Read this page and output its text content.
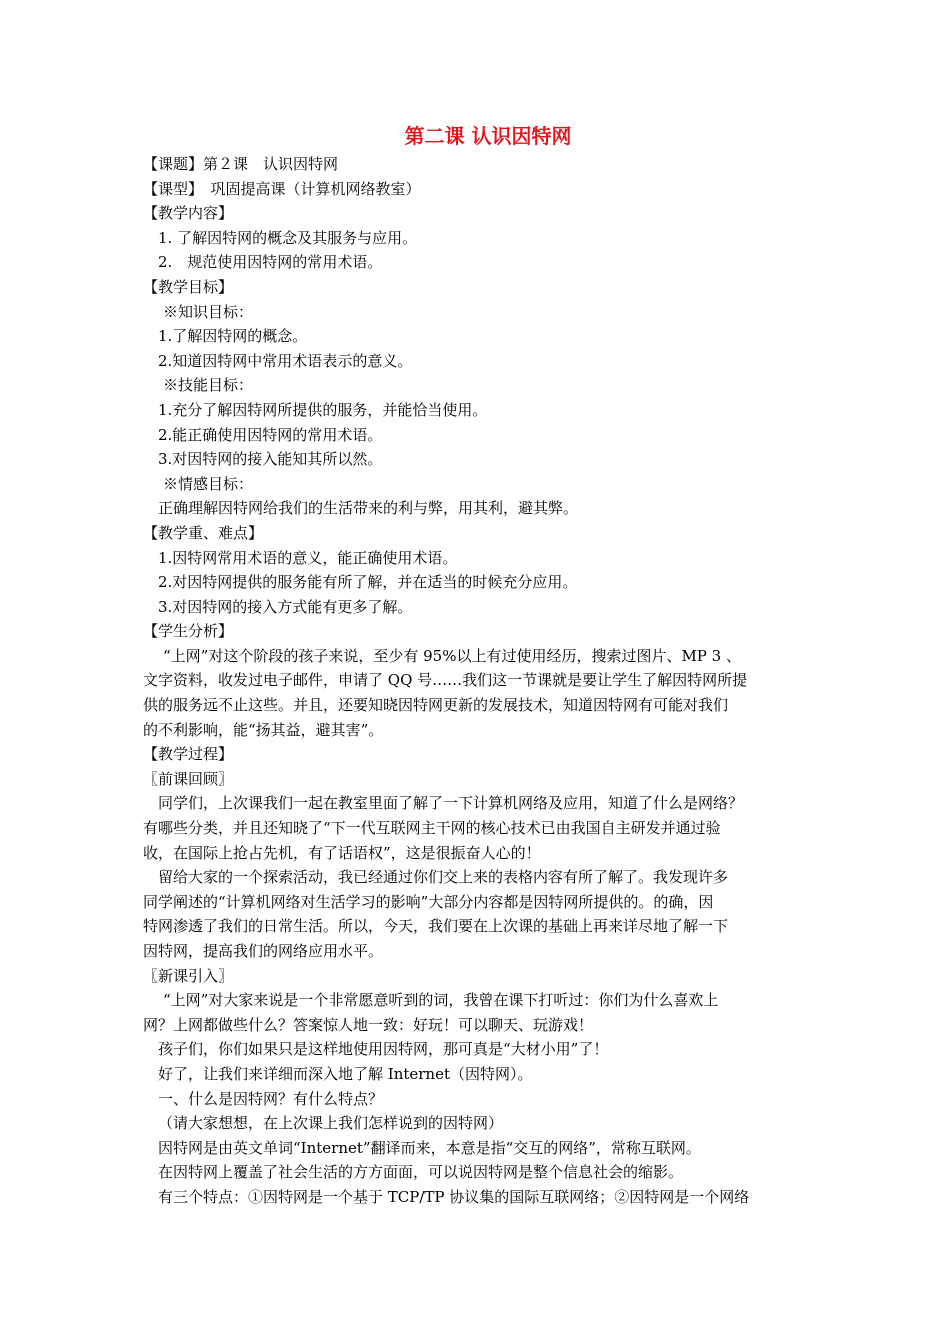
第二课 认识因特网
【课题】第２课　认识因特网
【课型】　巩固提高课（计算机网络教室）
【教学内容】
1. 了解因特网的概念及其服务与应用。
2.　规范使用因特网的常用术语。
【教学目标】
※知识目标：
1.了解因特网的概念。
2.知道因特网中常用术语表示的意义。
※技能目标：
1.充分了解因特网所提供的服务，并能恰当使用。
2.能正确使用因特网的常用术语。
3.对因特网的接入能知其所以然。
※情感目标：
正确理解因特网给我们的生活带来的利与弊，用其利，避其弊。
【教学重、难点】
1.因特网常用术语的意义，能正确使用术语。
2.对因特网提供的服务能有所了解，并在适当的时候充分应用。
3.对因特网的接入方式能有更多了解。
【学生分析】
“上网”对这个阶段的孩子来说，至少有 95%以上有过使用经历，搜索过图片、MP 3 、
文字资料，收发过电子邮件，申请了 QQ 号……我们这一节课就是要让学生了解因特网所提
供的服务远不止这些。并且，还要知晓因特网更新的发展技术，知道因特网有可能对我们
的不利影响，能“扬其益，避其害”。
【教学过程】
〖前课回顾〗
同学们，上次课我们一起在教室里面了解了一下计算机网络及应用，知道了什么是网络？
有哪些分类，并且还知晓了“下一代互联网主干网的核心技术已由我国自主研发并通过验
收，在国际上抢占先机，有了话语权”，这是很振奋人心的！
留给大家的一个探索活动，我已经通过你们交上来的表格内容有所了解了。我发现许多
同学阐述的“计算机网络对生活学习的影响”大部分内容都是因特网所提供的。的确，因
特网渗透了我们的日常生活。所以，今天，我们要在上次课的基础上再来详尽地了解一下
因特网，提高我们的网络应用水平。
〖新课引入〗
“上网”对大家来说是一个非常愿意听到的词，我曾在课下打听过：你们为什么喜欢上
网？上网都做些什么？答案惊人地一致：好玩！可以聊天、玩游戏！
孩子们，你们如果只是这样地使用因特网，那可真是“大材小用”了！
好了，让我们来详细而深入地了解 Internet（因特网）。
一、什么是因特网？有什么特点？
（请大家想想，在上次课上我们怎样说到的因特网）
因特网是由英文单词“Internet”翻译而来，本意是指“交互的网络”，常称互联网。
在因特网上覆盖了社会生活的方方面面，可以说因特网是整个信息社会的缩影。
有三个特点：①因特网是一个基于 TCP/TP 协议集的国际互联网络；②因特网是一个网络
